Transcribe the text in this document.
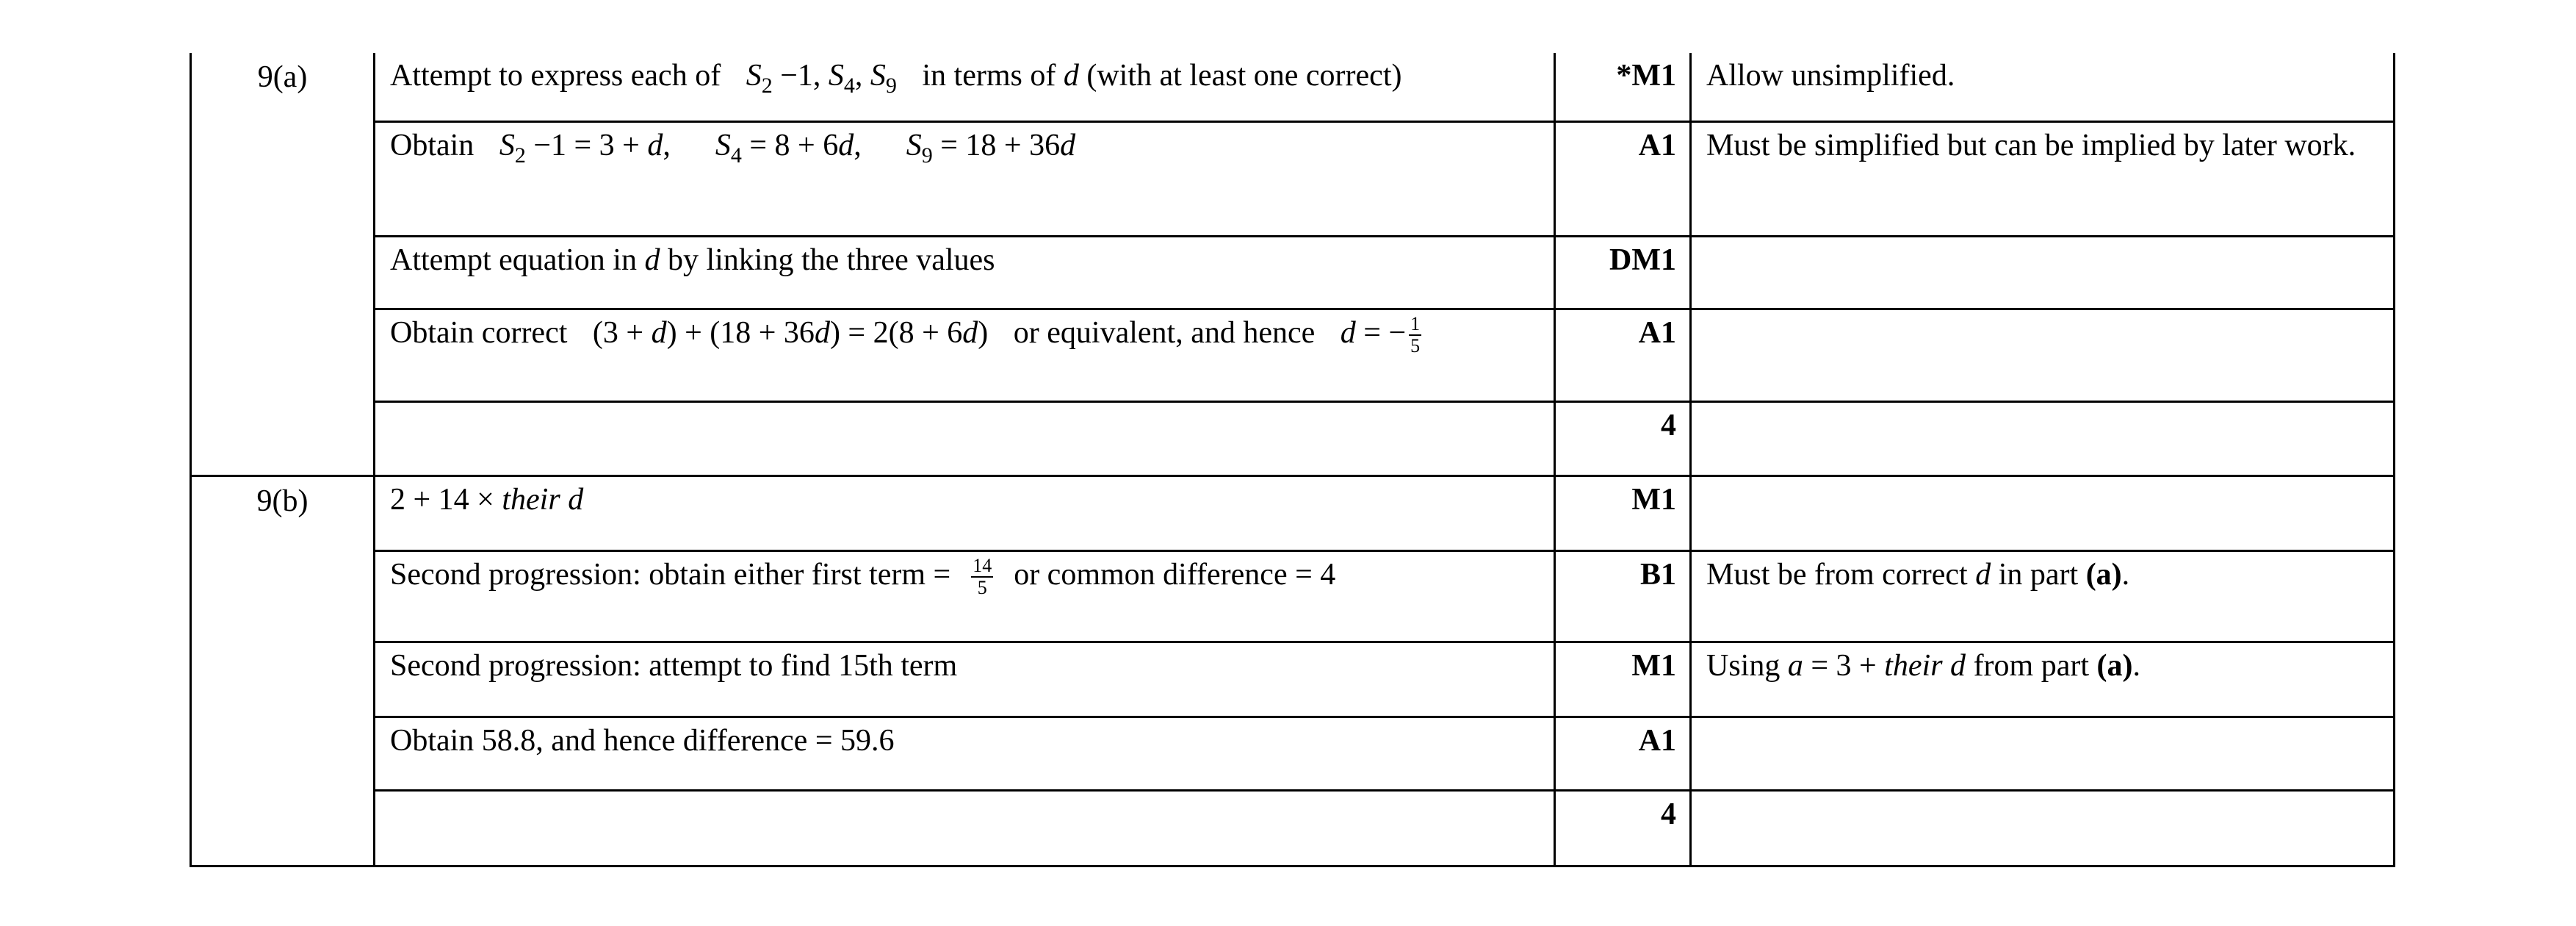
9(a)	Attempt to express each of $S_2 -1$, $S_4$, $S_9$ in terms of d (with at least one correct)	*M1	Allow unsimplified.
	Obtain $S_2 -1 = 3 + d$, $S_4 = 8 + 6d$, $S_9 = 18 + 36d$	A1	Must be simplified but can be implied by later work.
	Attempt equation in d by linking the three values	DM1	
	Obtain correct (3 + d) + (18 + 36d) = 2(8 + 6d) or equivalent, and hence d = − $\frac{1}{5}$	A1	
		4	
9(b)	2 + 14 × their d	M1	
	Second progression: obtain either first term = $\frac{14}{5}$ or common difference = 4	B1	Must be from correct d in part (a).
	Second progression: attempt to find 15th term	M1	Using a = 3 + their d from part (a).
	Obtain 58.8, and hence difference = 59.6	A1	
		4	
